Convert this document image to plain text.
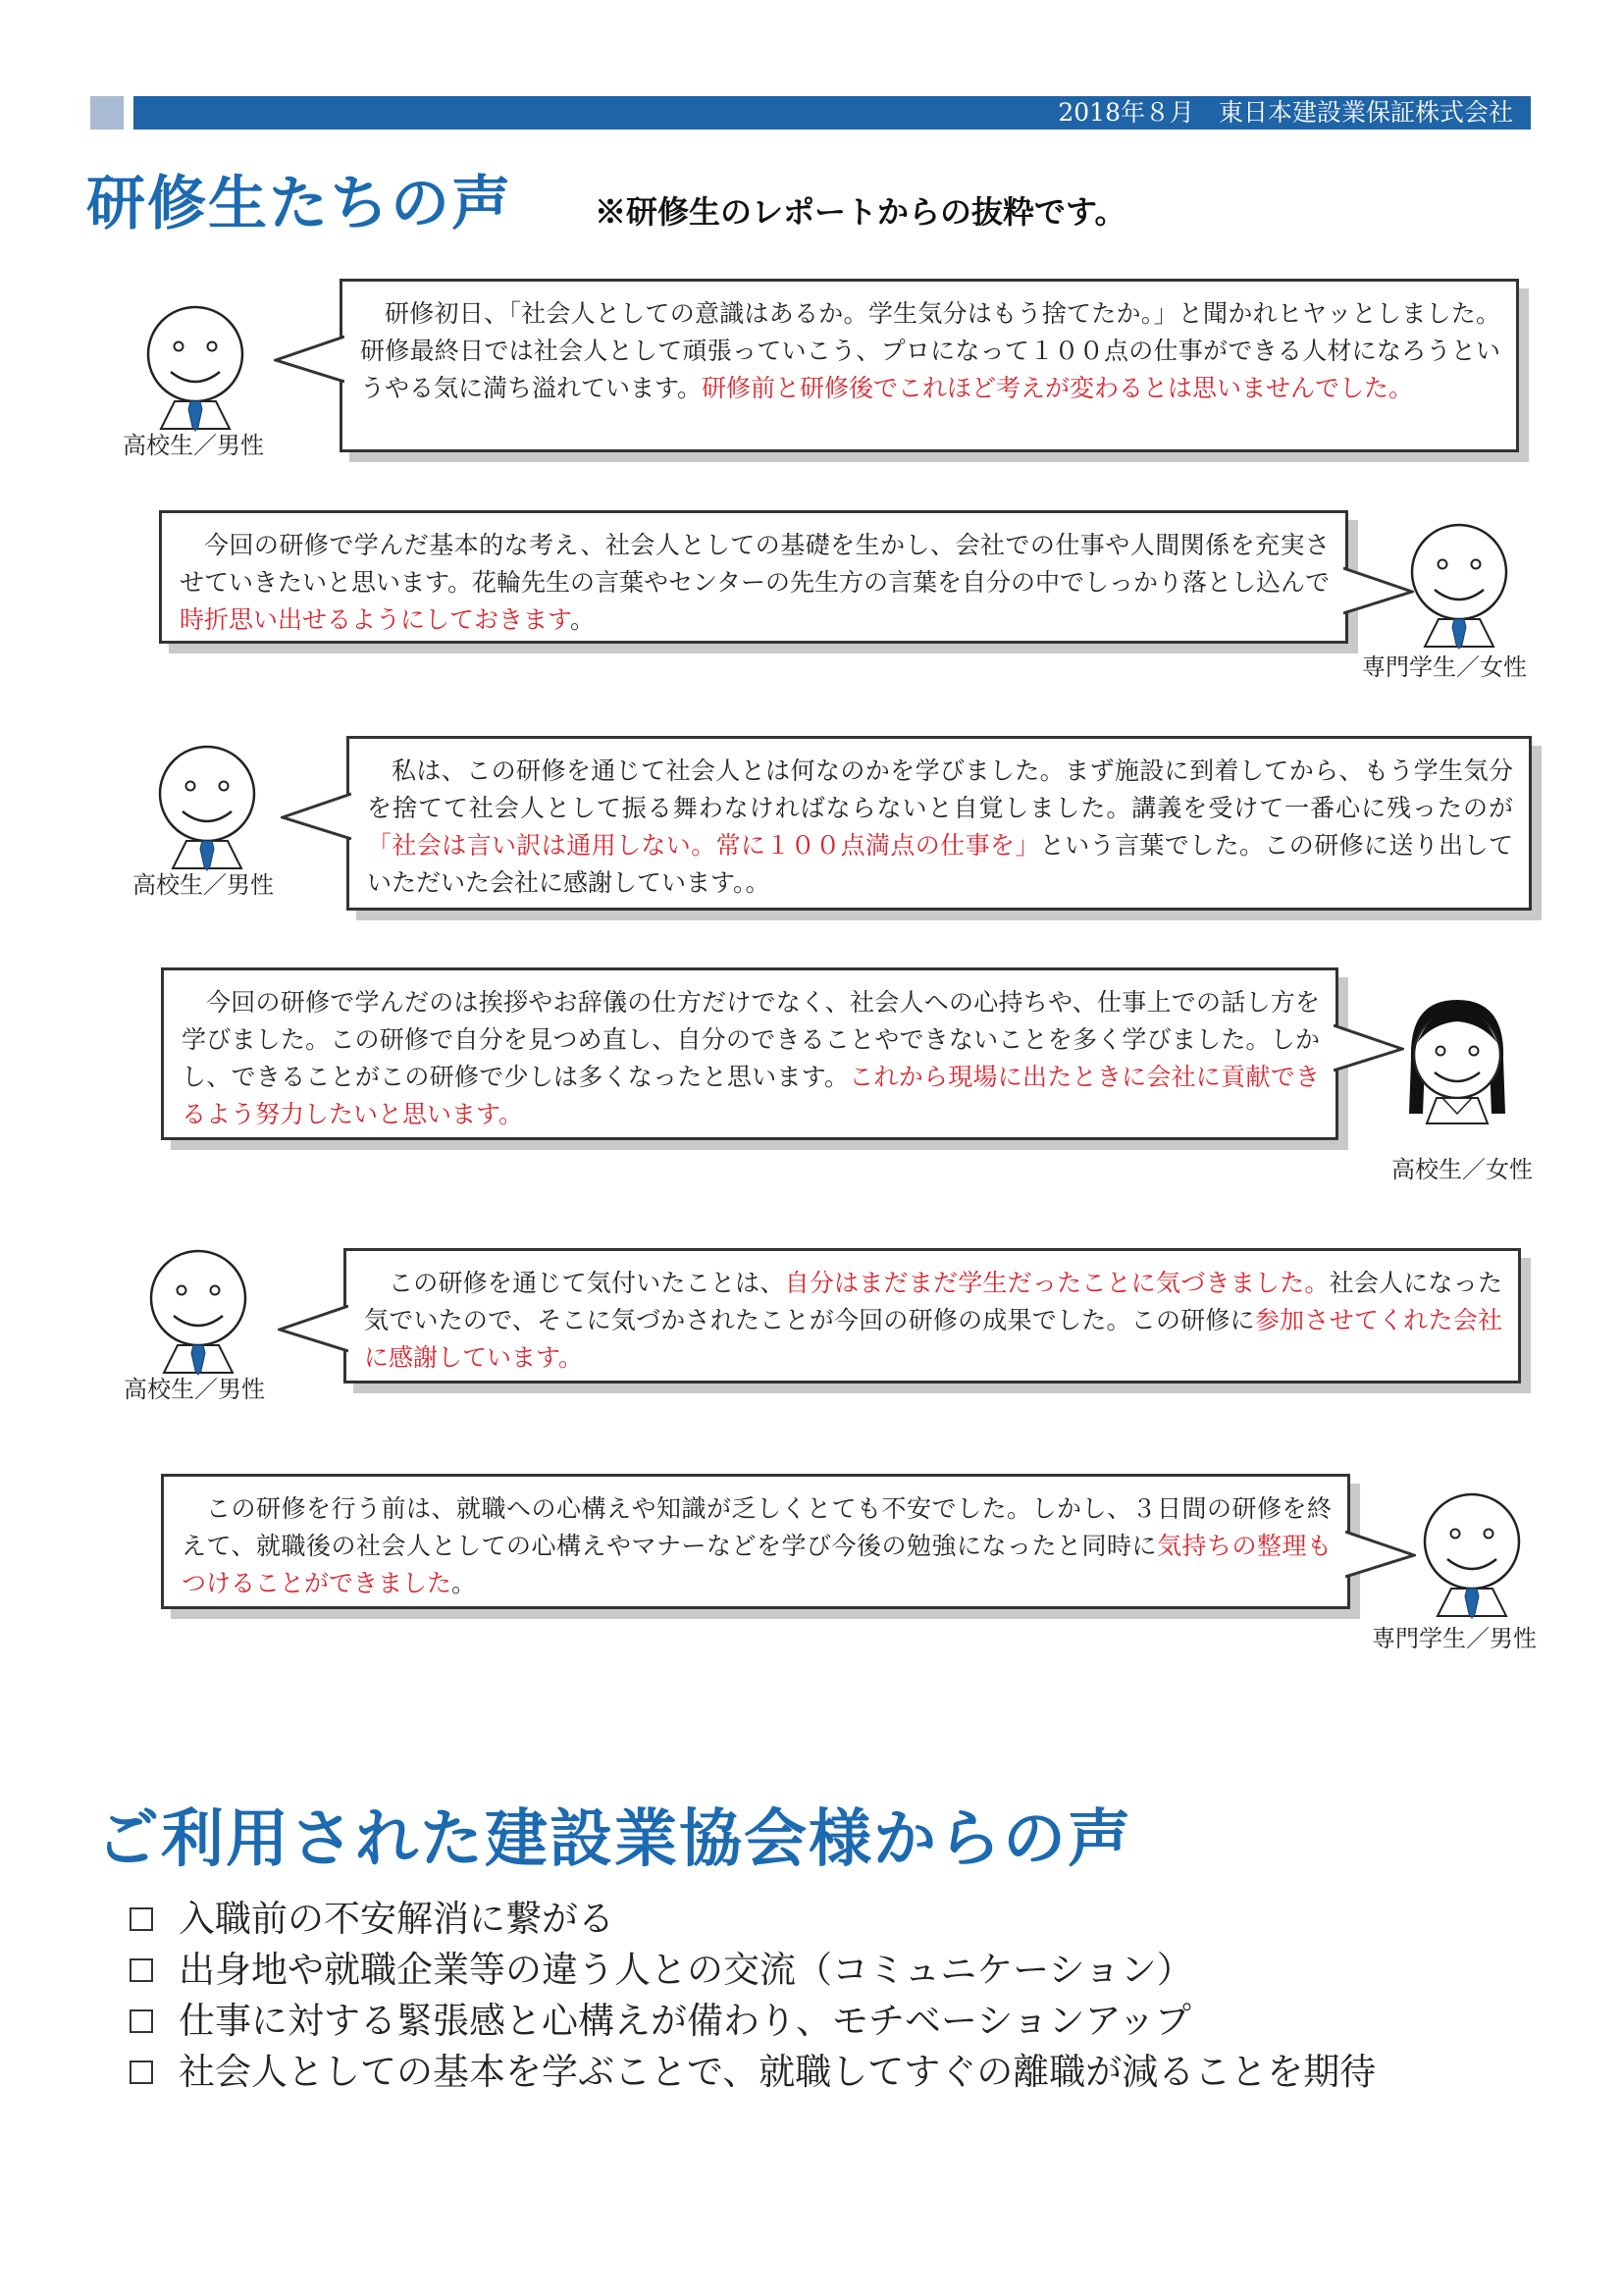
2018年８月　東日本建設業保証株式会社
研修生たちの声	※研修生のレポートからの抜粋です。
高校生／男性

研修初日、「社会人としての意識はあるか。学生気分はもう捨てたか。」と聞かれヒヤッとしました。研修最終日では社会人として頑張っていこう、プロになって１００点の仕事ができる人材になろうというやる気に満ち溢れています。研修前と研修後でこれほど考えが変わるとは思いませんでした。

今回の研修で学んだ基本的な考え、社会人としての基礎を生かし、会社での仕事や人間関係を充実させていきたいと思います。花輪先生の言葉やセンターの先生方の言葉を自分の中でしっかり落とし込んで時折思い出せるようにしておきます。

専門学生／女性
高校生／男性

私は、この研修を通じて社会人とは何なのかを学びました。まず施設に到着してから、もう学生気分を捨てて社会人として振る舞わなければならないと自覚しました。講義を受けて一番心に残ったのが「社会は言い訳は通用しない。常に１００点満点の仕事を」という言葉でした。この研修に送り出していただいた会社に感謝しています。。

今回の研修で学んだのは挨拶やお辞儀の仕方だけでなく、社会人への心持ちや、仕事上での話し方を学びました。この研修で自分を見つめ直し、自分のできることやできないことを多く学びました。しかし、できることがこの研修で少しは多くなったと思います。これから現場に出たときに会社に貢献できるよう努力したいと思います。

高校生／女性
高校生／男性

この研修を通じて気付いたことは、自分はまだまだ学生だったことに気づきました。社会人になった気でいたので、そこに気づかされたことが今回の研修の成果でした。この研修に参加させてくれた会社に感謝しています。

この研修を行う前は、就職への心構えや知識が乏しくとても不安でした。しかし、３日間の研修を終えて、就職後の社会人としての心構えやマナーなどを学び今後の勉強になったと同時に気持ちの整理もつけることができました。

専門学生／男性
ご利用された建設業協会様からの声
入職前の不安解消に繋がる
出身地や就職企業等の違う人との交流（コミュニケーション）
仕事に対する緊張感と心構えが備わり、モチベーションアップ
社会人としての基本を学ぶことで、就職してすぐの離職が減ることを期待
